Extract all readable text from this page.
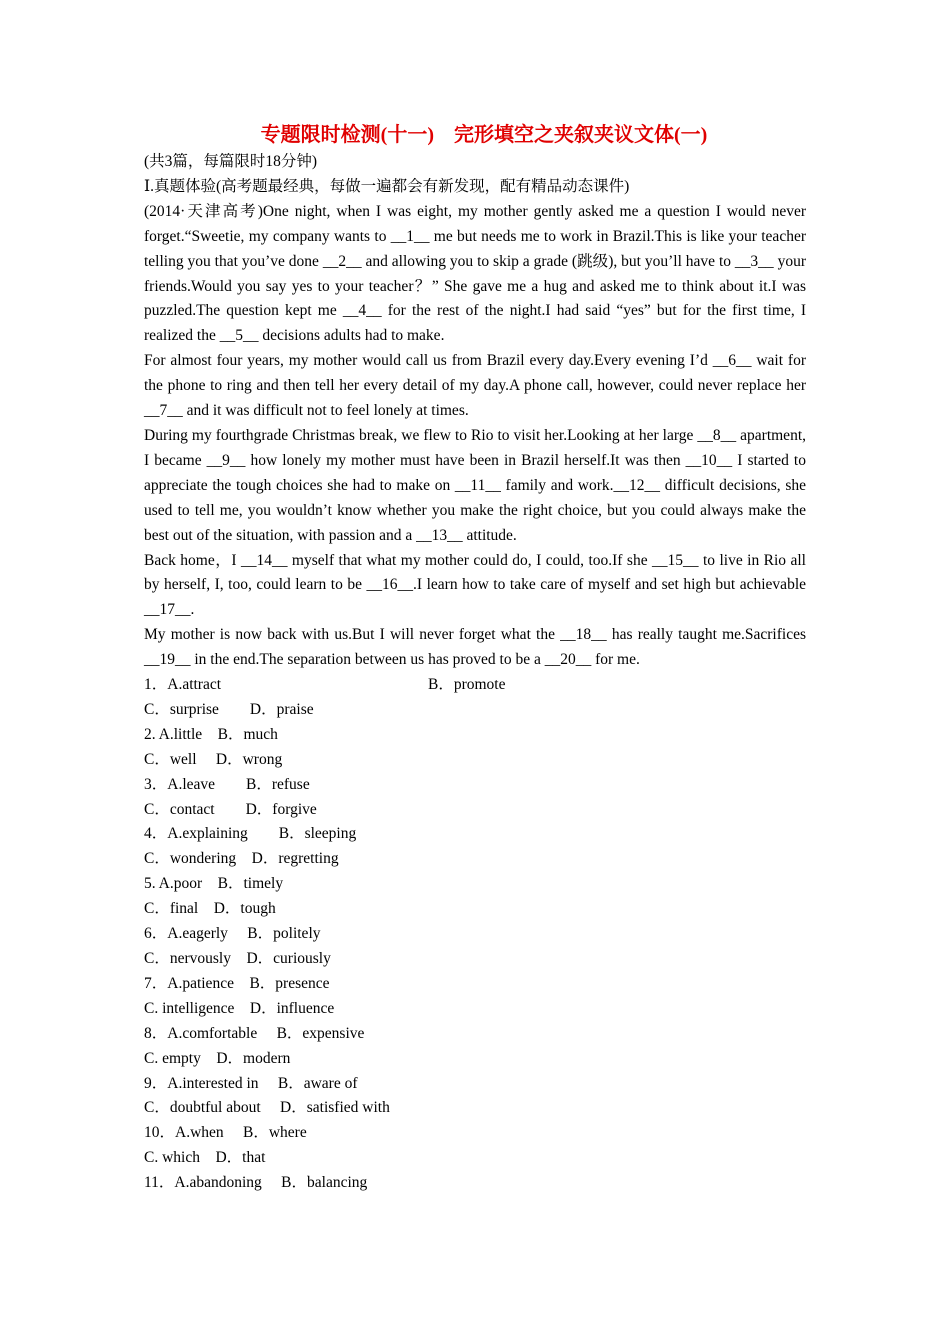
专题限时检测(十一)　完形填空之夹叙夹议文体(一)
(共3篇，每篇限时18分钟)
Ⅰ.真题体验(高考题最经典，每做一遍都会有新发现，配有精品动态课件)

(2014·天津高考)One night, when I was eight, my mother gently asked me a question I would never forget.“Sweetie, my company wants to __1__ me but needs me to work in Brazil.This is like your teacher telling you that you’ve done __2__ and allowing you to skip a grade (跳级), but you’ll have to __3__ your friends.Would you say yes to your teacher？” She gave me a hug and asked me to think about it.I was puzzled.The question kept me __4__ for the rest of the night.I had said “yes” but for the first time, I realized the __5__ decisions adults had to make.

For almost four years, my mother would call us from Brazil every day.Every evening I’d __6__ wait for the phone to ring and then tell her every detail of my day.A phone call, however, could never replace her __7__ and it was difficult not to feel lonely at times.

During my fourthgrade Christmas break, we flew to Rio to visit her.Looking at her large __8__ apartment, I became __9__ how lonely my mother must have been in Brazil herself.It was then __10__ I started to appreciate the tough choices she had to make on __11__ family and work.__12__ difficult decisions, she used to tell me, you wouldn’t know whether you make the right choice, but you could always make the best out of the situation, with passion and a __13__ attitude.

Back home，I __14__ myself that what my mother could do, I could, too.If she __15__ to live in Rio all by herself, I, too, could learn to be __16__.I learn how to take care of myself and set high but achievable __17__.

My mother is now back with us.But I will never forget what the __18__ has really taught me.Sacrifices __19__ in the end.The separation between us has proved to be a __20__ for me.

1．A.attract	B．promote
C．surprise　　D．praise
2. A.little　B．much
C．well　 D．wrong
3．A.leave　　B．refuse
C．contact　　D．forgive
4．A.explaining　　B．sleeping
C．wondering　D．regretting
5. A.poor　B．timely
C．final　D．tough
6．A.eagerly　 B．politely
C．nervously　D．curiously
7．A.patience　B．presence
C. intelligence　D．influence
8．A.comfortable　 B．expensive
C. empty　D．modern
9．A.interested in　 B．aware of
C．doubtful about　 D．satisfied with
10．A.when　 B．where
C. which　D．that
11．A.abandoning　 B．balancing
